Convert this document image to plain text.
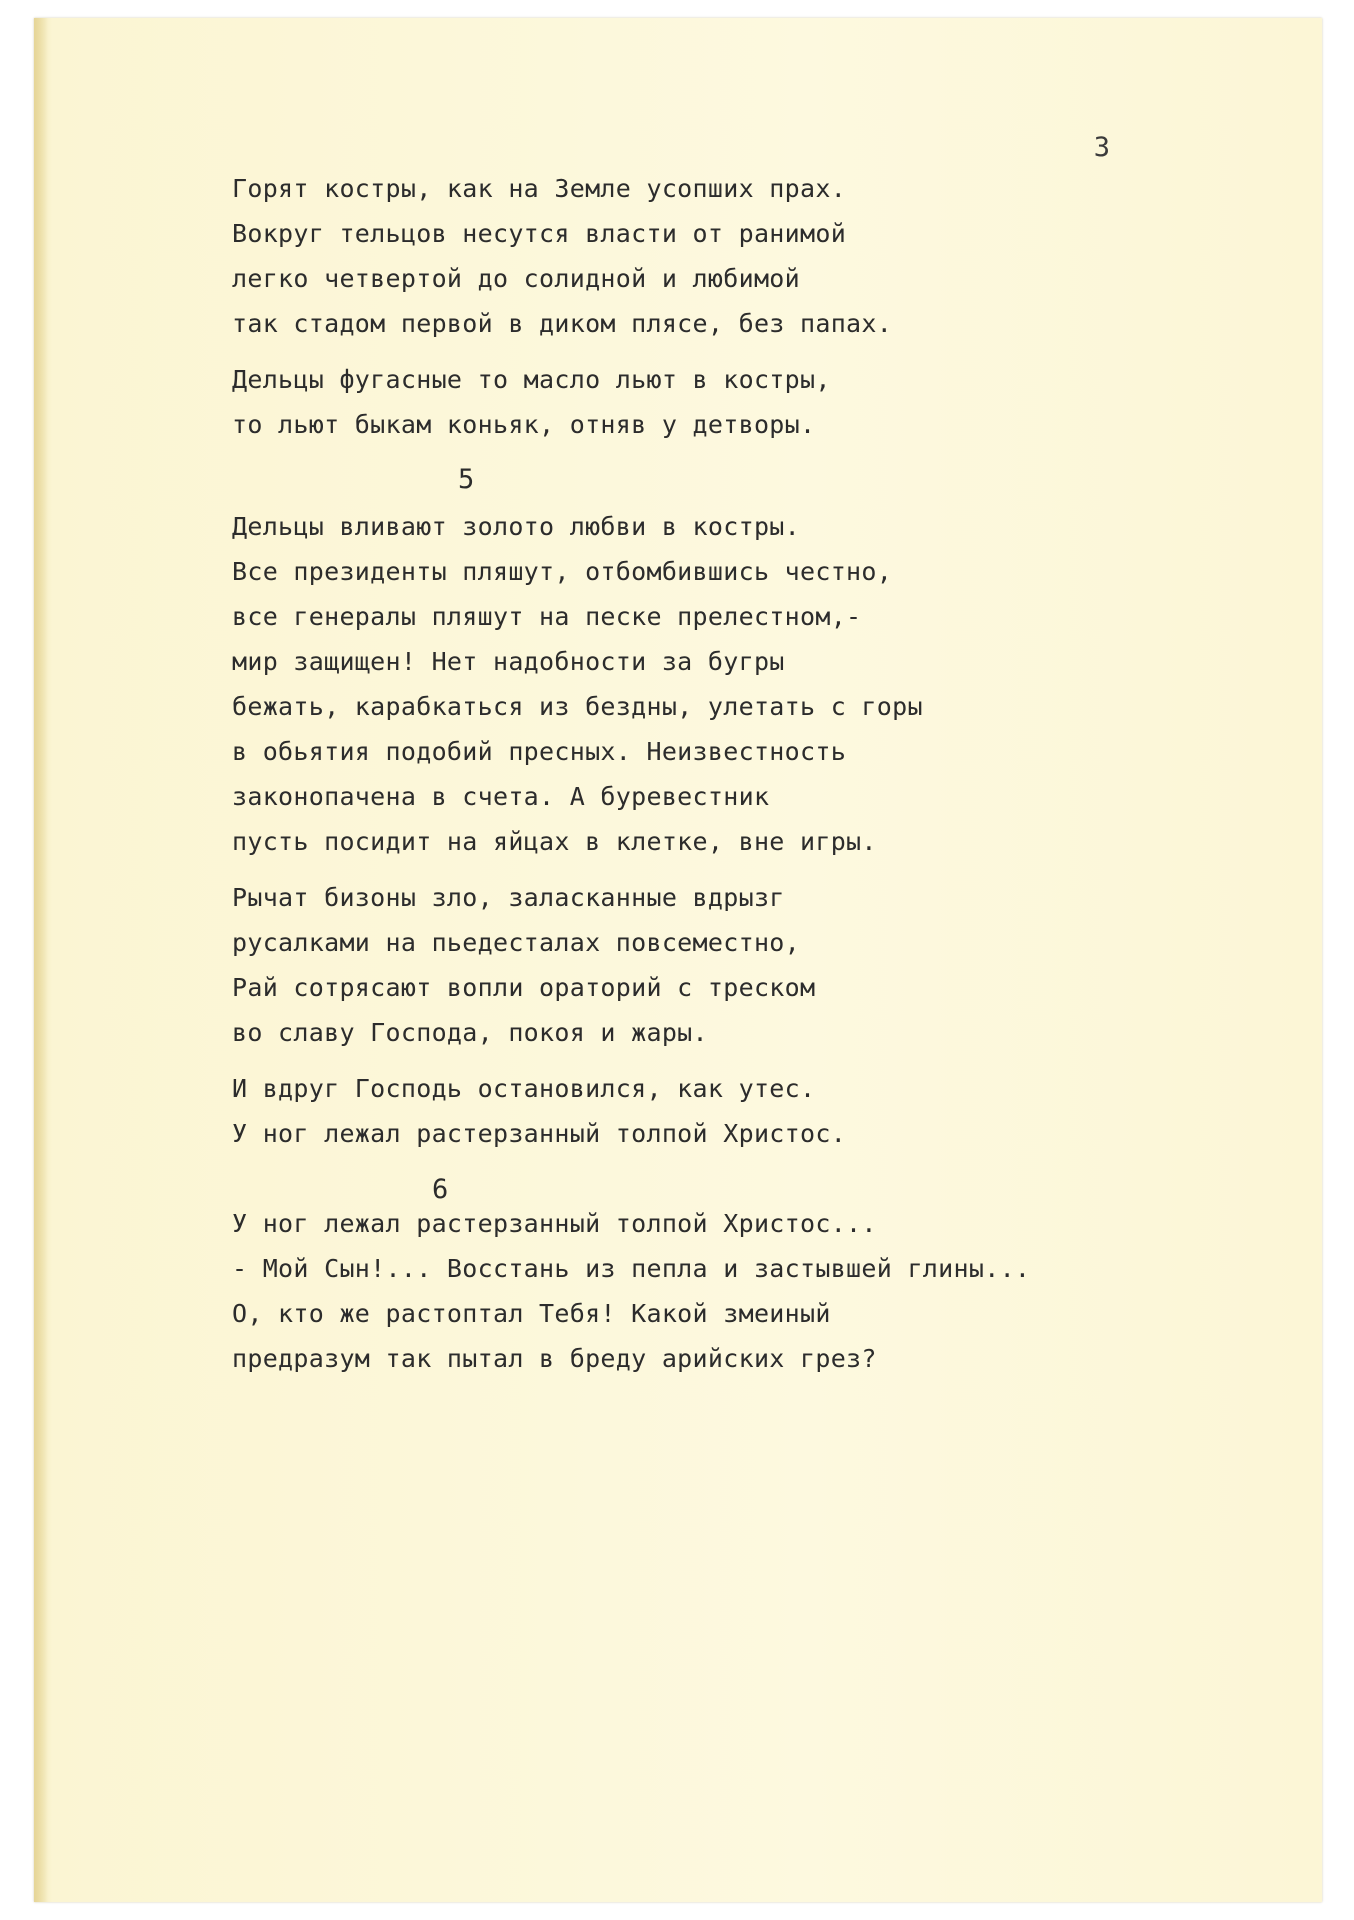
3
Горят костры, как на Земле усопших прах.
Вокруг тельцов несутся власти от ранимой
легко четвертой до солидной и любимой
так стадом первой в диком плясе, без папах.
Дельцы фугасные то масло льют в костры,
то льют быкам коньяк, отняв у детворы.
5
Дельцы вливают золото любви в костры.
Все президенты пляшут, отбомбившись честно,
все генералы пляшут на песке прелестном,-
мир защищен! Нет надобности за бугры
бежать, карабкаться из бездны, улетать с горы
в обьятия подобий пресных. Неизвестность
законопачена в счета. А буревестник
пусть посидит на яйцах в клетке, вне игры.
Рычат бизоны зло, заласканные вдрызг
русалками на пьедесталах повсеместно,
Рай сотрясают вопли ораторий с треском
во славу Господа, покоя и жары.
И вдруг Господь остановился, как утес.
У ног лежал растерзанный толпой Христос.
6
У ног лежал растерзанный толпой Христос...
- Мой Сын!... Восстань из пепла и застывшей глины...
О, кто же растоптал Тебя! Какой змеиный
предразум так пытал в бреду арийских грез?
